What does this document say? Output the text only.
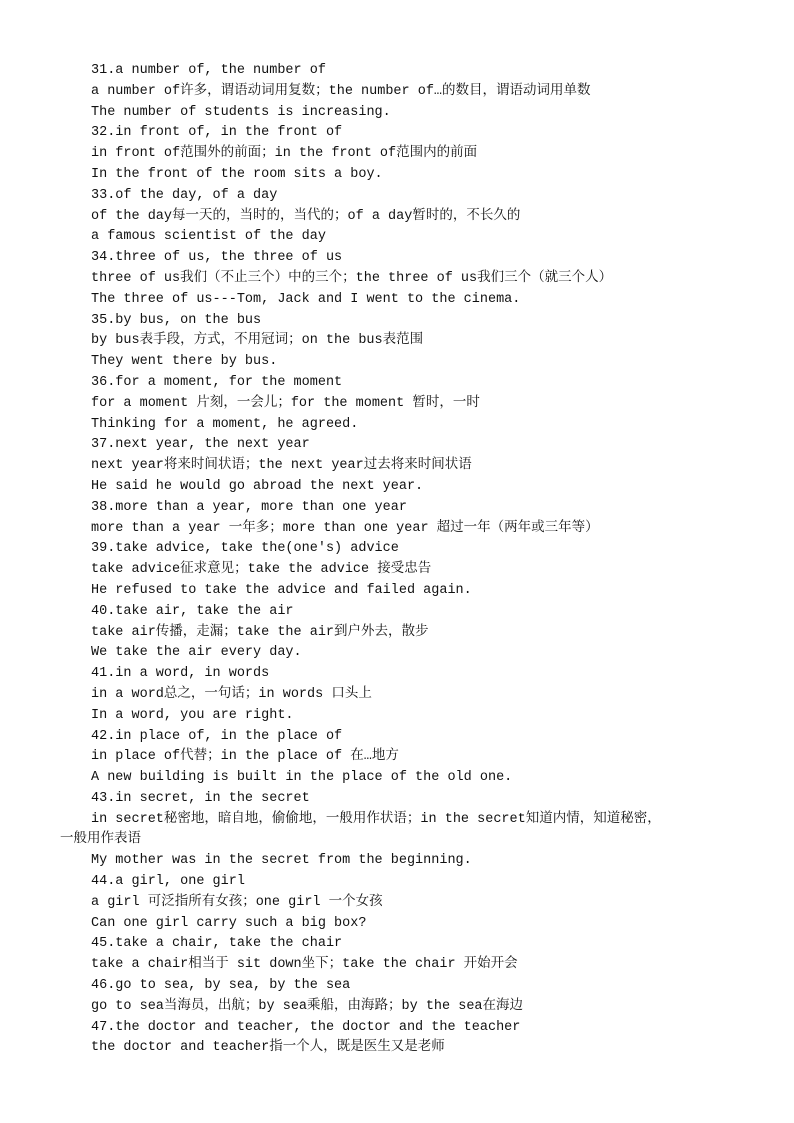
31.a number of, the number of

a number of许多，谓语动词用复数；the number of…的数目，谓语动词用单数

The number of students is increasing.

32.in front of, in the front of

in front of范围外的前面；in the front of范围内的前面

In the front of the room sits a boy.

33.of the day, of a day

of the day每一天的，当时的，当代的；of a day暂时的，不长久的

a famous scientist of the day

34.three of us, the three of us

three of us我们（不止三个）中的三个；the three of us我们三个（就三个人）

The three of us---Tom, Jack and I went to the cinema.

35.by bus, on the bus

by bus表手段，方式，不用冠词；on the bus表范围

They went there by bus.

36.for a moment, for the moment

for a moment 片刻，一会儿；for the moment 暂时，一时

Thinking for a moment, he agreed.

37.next year, the next year

next year将来时间状语；the next year过去将来时间状语

He said he would go abroad the next year.

38.more than a year, more than one year

more than a year 一年多；more than one year 超过一年（两年或三年等）

39.take advice, take the(one's) advice

take advice征求意见；take the advice 接受忠告

He refused to take the advice and failed again.

40.take air, take the air

take air传播，走漏；take the air到户外去，散步

We take the air every day.

41.in a word, in words

in a word总之，一句话；in words 口头上

In a word, you are right.

42.in place of, in the place of

in place of代替；in the place of 在…地方

A new building is built in the place of the old one.

43.in secret, in the secret

in secret秘密地，暗自地，偷偷地，一般用作状语；in the secret知道内情，知道秘密，

一般用作表语

My mother was in the secret from the beginning.

44.a girl, one girl

a girl 可泛指所有女孩；one girl 一个女孩

Can one girl carry such a big box?

45.take a chair, take the chair

take a chair相当于 sit down坐下；take the chair 开始开会

46.go to sea, by sea, by the sea

go to sea当海员，出航；by sea乘船，由海路；by the sea在海边

47.the doctor and teacher, the doctor and the teacher

the doctor and teacher指一个人，既是医生又是老师
